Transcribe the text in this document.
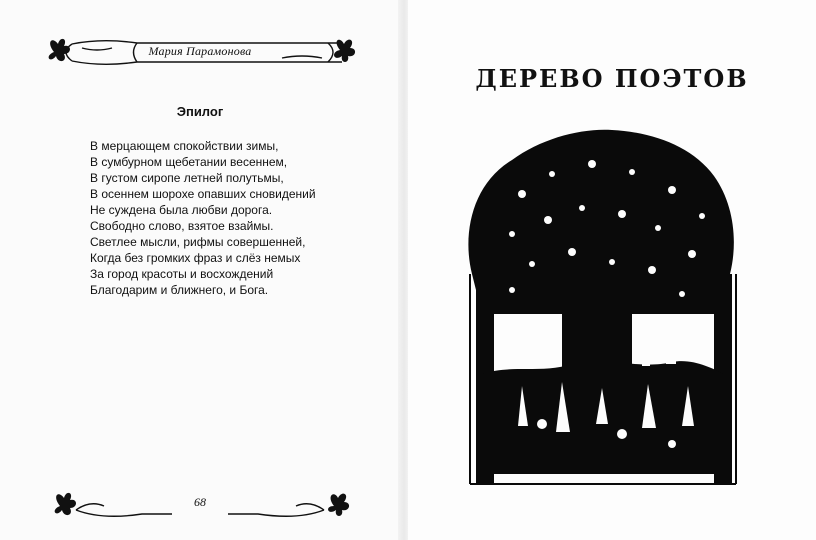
Мария Парамонова
Эпилог
В мерцающем спокойствии зимы,
В сумбурном щебетании весеннем,
В густом сиропе летней полутьмы,
В осеннем шорохе опавших сновидений
Не суждена была любви дорога.
Свободно слово, взятое взаймы.
Светлее мысли, рифмы совершенней,
Когда без громких фраз и слёз немых
За город красоты и восхождений
Благодарим и ближнего, и Бога.
68
ДЕРЕВО ПОЭТОВ
